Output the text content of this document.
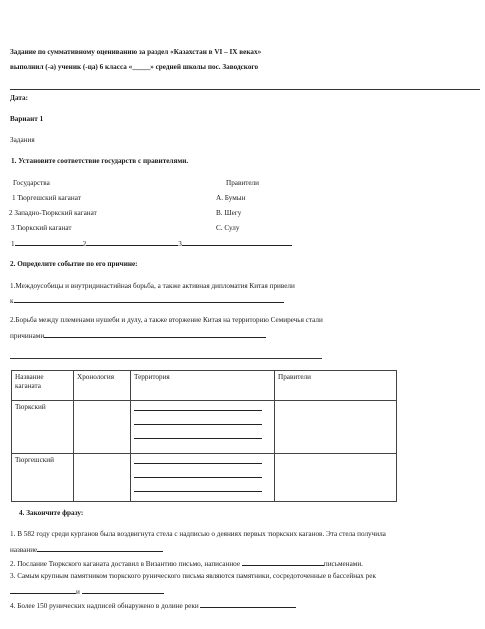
Задание по суммативному оцениванию за раздел «Казахстан в VI – IX веках»
выполнил (-а) ученик (-ца) 6 класса «_____» средней школы пос. Заводского
Дата:
Вариант 1
Задания
1. Установите соответствие государств с правителями.
Государства	Правители
1 Тюргешский каганат	А. Бумын
2 Западно-Тюркский каганат	В. Шегу
3 Тюркский каганат	С. Сулу
1	2	3
2. Определите событие по его причине:
1.Междоусобицы и внутридинастийная борьба, а также активная дипломатия Китая привели
к
2.Борьба между племенами нушеби и дулу, а также вторжение Китая на территорию Семиречья стали
причинами
Название каганата	Хронология	Территория	Правители
Тюркский		

Тюргешский		

4. Закончите фразу:
1. В 582 году среди курганов была воздвигнута стела с надписью о деяниях первых тюркских каганов. Эта стела получила
название
2. Послание Тюркского каганата доставил в Византию письмо, написанное	письменами.
3. Самым крупным памятником тюркского рунического письма являются памятники, сосредоточенные в бассейнах рек
и
4. Более 150 рунических надписей обнаружено в долине реки
